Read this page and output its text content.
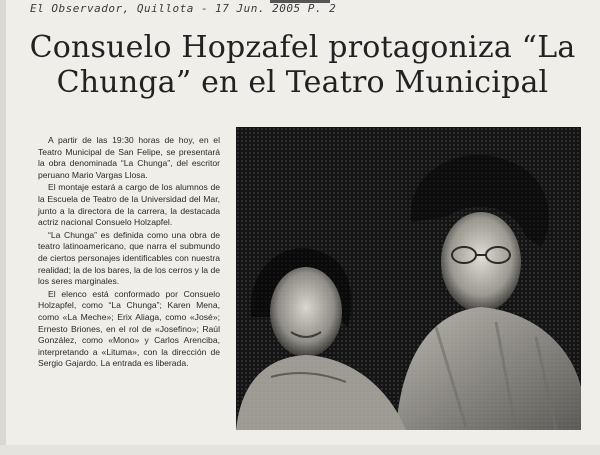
El Observador, Quillota - 17 Jun. 2005 P. 2
Consuelo Hopzafel protagoniza “La Chunga” en el Teatro Municipal

A partir de las 19:30 horas de hoy, en el Teatro Municipal de San Felipe, se presentará la obra denominada “La Chunga”, del escritor peruano Mario Vargas Llosa.

El montaje estará a cargo de los alumnos de la Escuela de Teatro de la Universidad del Mar, junto a la directora de la carrera, la destacada actriz nacional Consuelo Holzapfel.

“La Chunga” es definida como una obra de teatro latinoamericano, que narra el submundo de ciertos personajes identificables con nuestra realidad; la de los bares, la de los cerros y la de los seres marginales.

El elenco está conformado por Consuelo Holzapfel, como “La Chunga”; Karen Mena, como «La Meche»; Erix Aliaga, como «José»; Ernesto Briones, en el rol de «Josefino»; Raúl González, como «Mono» y Carlos Arenciba, interpretando a «Lituma», con la dirección de Sergio Gajardo. La entrada es liberada.
